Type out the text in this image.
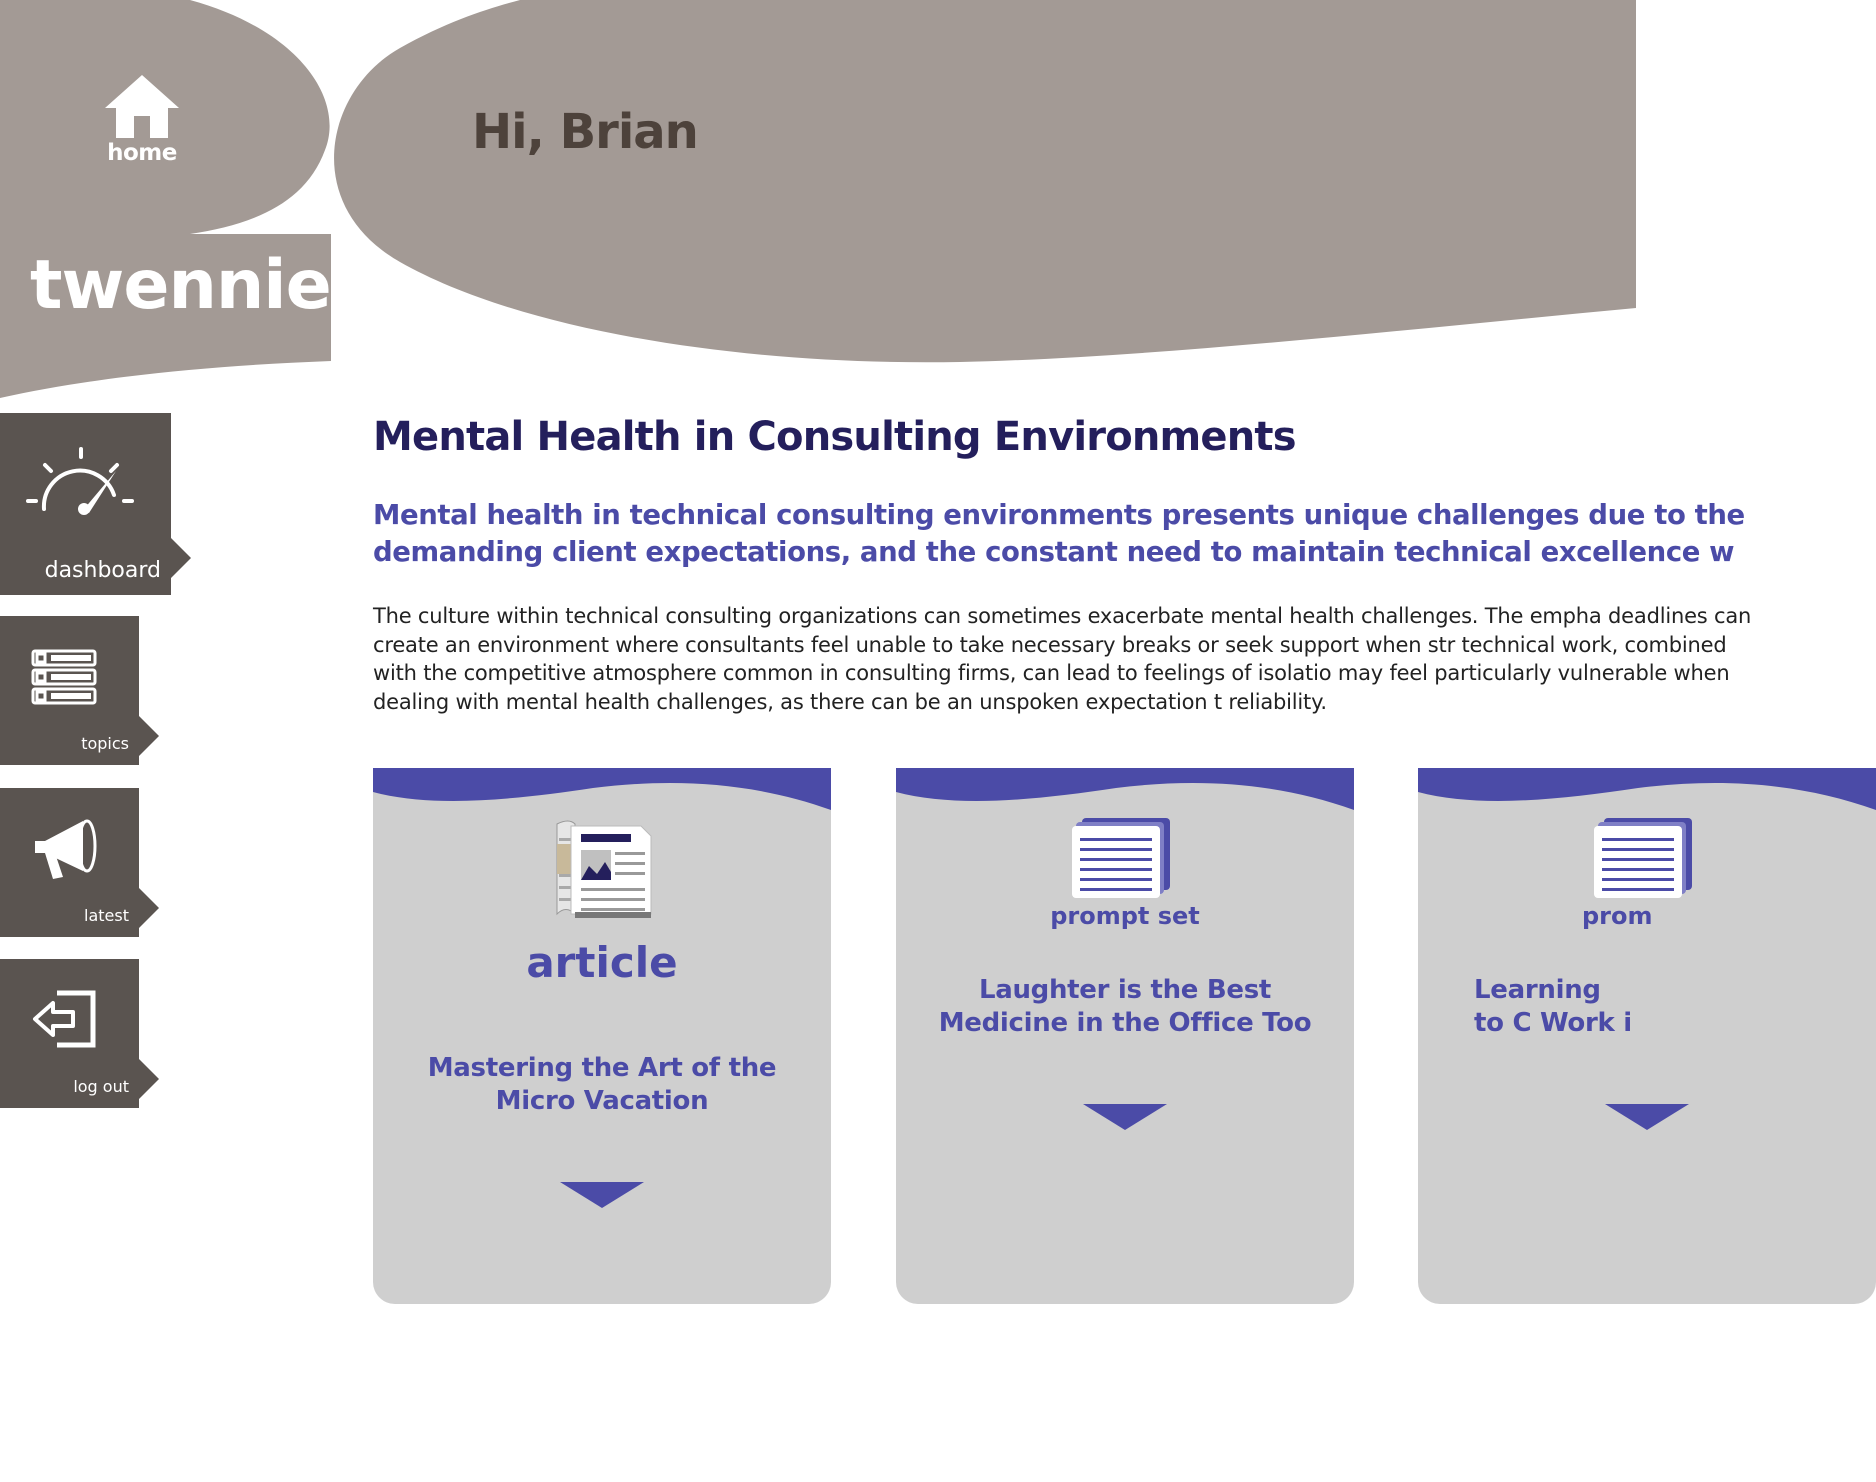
home
twennie
Hi, Brian
dashboard
topics
latest
log out
Mental Health in Consulting Environments

Mental health in technical consulting environments presents unique challenges due to the demanding client expectations, and the constant need to maintain technical excellence w

The culture within technical consulting organizations can sometimes exacerbate mental health challenges. The empha deadlines can create an environment where consultants feel unable to take necessary breaks or seek support when str technical work, combined with the competitive atmosphere common in consulting firms, can lead to feelings of isolatio may feel particularly vulnerable when dealing with mental health challenges, as there can be an unspoken expectation t reliability.

article
Mastering the Art of the Micro Vacation
prompt set
Laughter is the Best Medicine in the Office Too
prom
Learning to C Work i
